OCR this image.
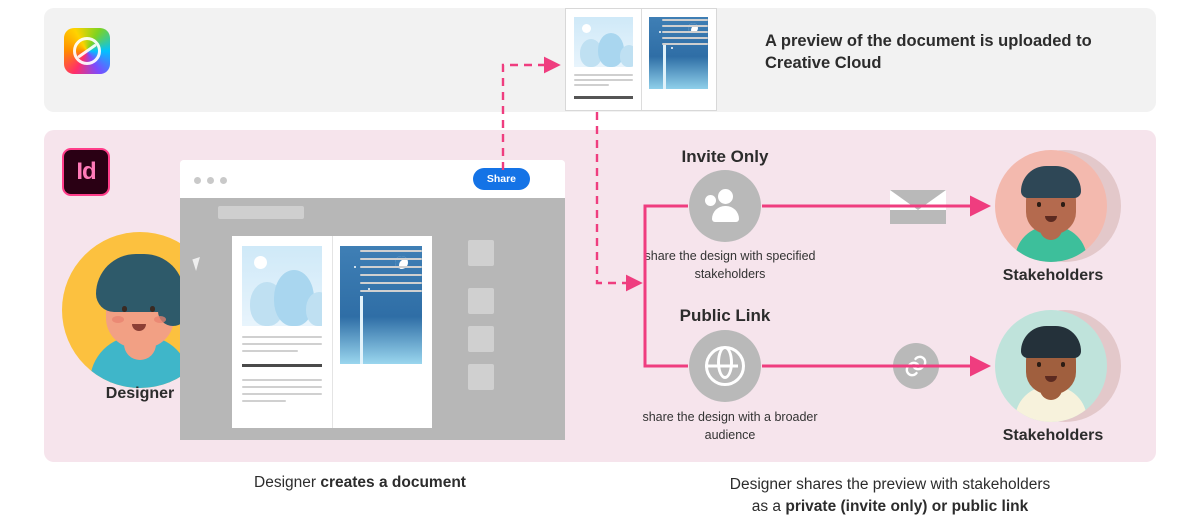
A preview of the document is uploaded to Creative Cloud
Id
Designer
Share
Invite Only
share the design with specified stakeholders
Public Link
share the design with a broader audience
Stakeholders
Stakeholders
Designer creates a document	Designer shares the preview with stakeholders
as a private (invite only) or public link
